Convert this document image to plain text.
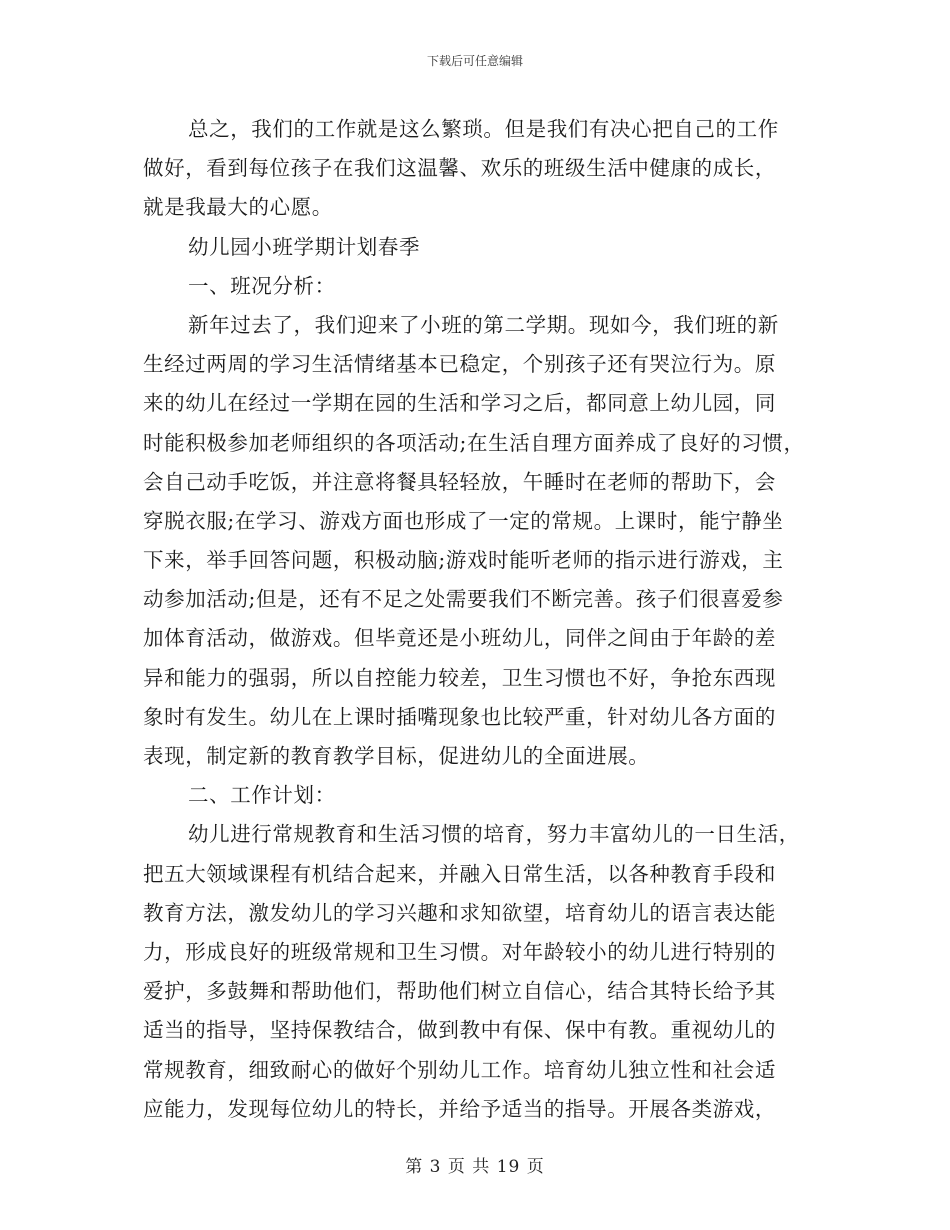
下载后可任意编辑
总之，我们的工作就是这么繁琐。但是我们有决心把自己的工作
做好，看到每位孩子在我们这温馨、欢乐的班级生活中健康的成长，
就是我最大的心愿。
幼儿园小班学期计划春季
一、班况分析：
新年过去了，我们迎来了小班的第二学期。现如今，我们班的新
生经过两周的学习生活情绪基本已稳定，个别孩子还有哭泣行为。原
来的幼儿在经过一学期在园的生活和学习之后，都同意上幼儿园，同
时能积极参加老师组织的各项活动;在生活自理方面养成了良好的习惯，
会自己动手吃饭，并注意将餐具轻轻放，午睡时在老师的帮助下，会
穿脱衣服;在学习、游戏方面也形成了一定的常规。上课时，能宁静坐
下来，举手回答问题，积极动脑;游戏时能听老师的指示进行游戏，主
动参加活动;但是，还有不足之处需要我们不断完善。孩子们很喜爱参
加体育活动，做游戏。但毕竟还是小班幼儿，同伴之间由于年龄的差
异和能力的强弱，所以自控能力较差，卫生习惯也不好，争抢东西现
象时有发生。幼儿在上课时插嘴现象也比较严重，针对幼儿各方面的
表现，制定新的教育教学目标，促进幼儿的全面进展。
二、工作计划：
幼儿进行常规教育和生活习惯的培育，努力丰富幼儿的一日生活，
把五大领域课程有机结合起来，并融入日常生活，以各种教育手段和
教育方法，激发幼儿的学习兴趣和求知欲望，培育幼儿的语言表达能
力，形成良好的班级常规和卫生习惯。对年龄较小的幼儿进行特别的
爱护，多鼓舞和帮助他们，帮助他们树立自信心，结合其特长给予其
适当的指导，坚持保教结合，做到教中有保、保中有教。重视幼儿的
常规教育，细致耐心的做好个别幼儿工作。培育幼儿独立性和社会适
应能力，发现每位幼儿的特长，并给予适当的指导。开展各类游戏，
第 3 页 共 19 页
